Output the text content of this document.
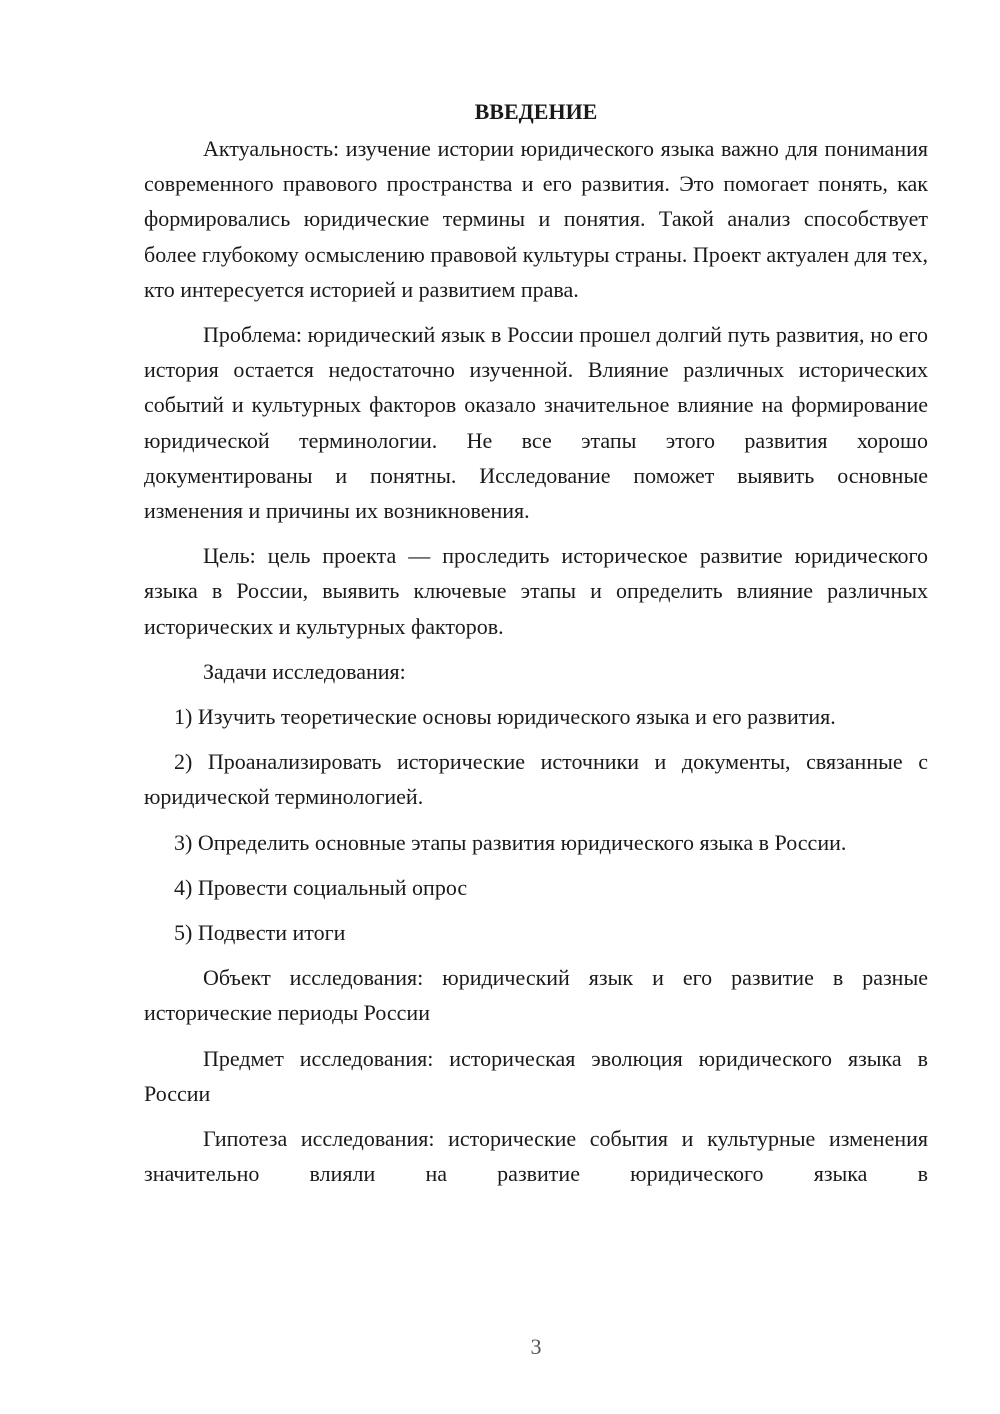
ВВЕДЕНИЕ

Актуальность: изучение истории юридического языка важно для понимания современного правового пространства и его развития. Это помогает понять, как формировались юридические термины и понятия. Такой анализ способствует более глубокому осмыслению правовой культуры страны. Проект актуален для тех, кто интересуется историей и развитием права.

Проблема: юридический язык в России прошел долгий путь развития, но его история остается недостаточно изученной. Влияние различных исторических событий и культурных факторов оказало значительное влияние на формирование юридической терминологии. Не все этапы этого развития хорошо документированы и понятны. Исследование поможет выявить основные изменения и причины их возникновения.

Цель: цель проекта — проследить историческое развитие юридического языка в России, выявить ключевые этапы и определить влияние различных исторических и культурных факторов.

Задачи исследования:

1) Изучить теоретические основы юридического языка и его развития.

2) Проанализировать исторические источники и документы, связанные с юридической терминологией.

3) Определить основные этапы развития юридического языка в России.

4) Провести социальный опрос

5) Подвести итоги

Объект исследования: юридический язык и его развитие в разные исторические периоды России

Предмет исследования: историческая эволюция юридического языка в России

Гипотеза исследования: исторические события и культурные изменения значительно влияли на развитие юридического языка в

3
